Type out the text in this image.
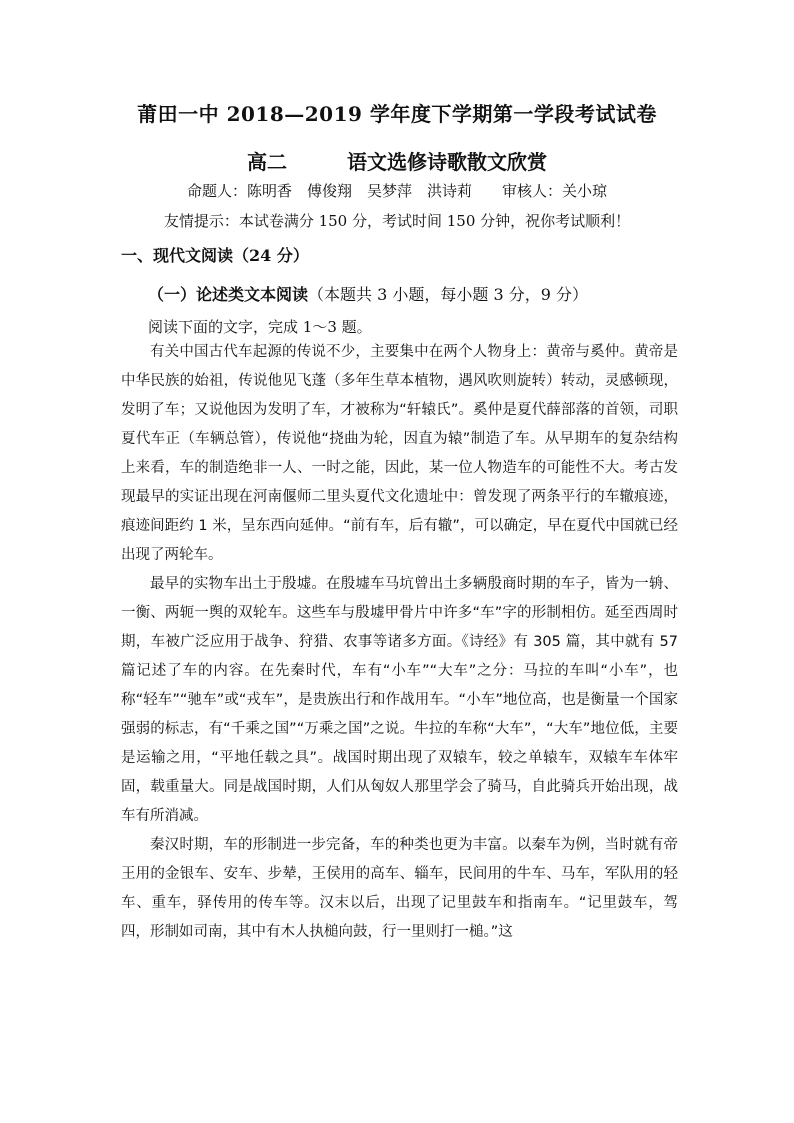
莆田一中 2018—2019 学年度下学期第一学段考试试卷
高二	语文选修诗歌散文欣赏
命题人：陈明香　傅俊翔　吴梦萍　洪诗莉　　审核人：关小琼
友情提示：本试卷满分 150 分，考试时间 150 分钟，祝你考试顺利！
一、现代文阅读（24 分）
（一）论述类文本阅读（本题共 3 小题，每小题 3 分，9 分）
阅读下面的文字，完成 1～3 题。

有关中国古代车起源的传说不少，主要集中在两个人物身上：黄帝与奚仲。黄帝是中华民族的始祖，传说他见飞蓬（多年生草本植物，遇风吹则旋转）转动，灵感顿现，发明了车；又说他因为发明了车，才被称为“轩辕氏”。奚仲是夏代薛部落的首领，司职夏代车正（车辆总管），传说他“挠曲为轮，因直为辕”制造了车。从早期车的复杂结构上来看，车的制造绝非一人、一时之能，因此，某一位人物造车的可能性不大。考古发现最早的实证出现在河南偃师二里头夏代文化遗址中：曾发现了两条平行的车辙痕迹，痕迹间距约 1 米，呈东西向延伸。“前有车，后有辙”，可以确定，早在夏代中国就已经出现了两轮车。

最早的实物车出土于殷墟。在殷墟车马坑曾出土多辆殷商时期的车子，皆为一辀、一衡、两轭一舆的双轮车。这些车与殷墟甲骨片中许多“车”字的形制相仿。延至西周时期，车被广泛应用于战争、狩猎、农事等诸多方面。《诗经》有 305 篇，其中就有 57 篇记述了车的内容。在先秦时代，车有“小车”“大车”之分：马拉的车叫“小车”，也称“轻车”“驰车”或“戎车”，是贵族出行和作战用车。“小车”地位高，也是衡量一个国家强弱的标志，有“千乘之国”“万乘之国”之说。牛拉的车称“大车”，“大车”地位低，主要是运输之用，“平地任载之具”。战国时期出现了双辕车，较之单辕车，双辕车车体牢固，载重量大。同是战国时期，人们从匈奴人那里学会了骑马，自此骑兵开始出现，战车有所消减。

秦汉时期，车的形制进一步完备，车的种类也更为丰富。以秦车为例，当时就有帝王用的金银车、安车、步辇，王侯用的高车、辎车，民间用的牛车、马车，军队用的轻车、重车，驿传用的传车等。汉末以后，出现了记里鼓车和指南车。“记里鼓车，驾四，形制如司南，其中有木人执槌向鼓，行一里则打一槌。”这
